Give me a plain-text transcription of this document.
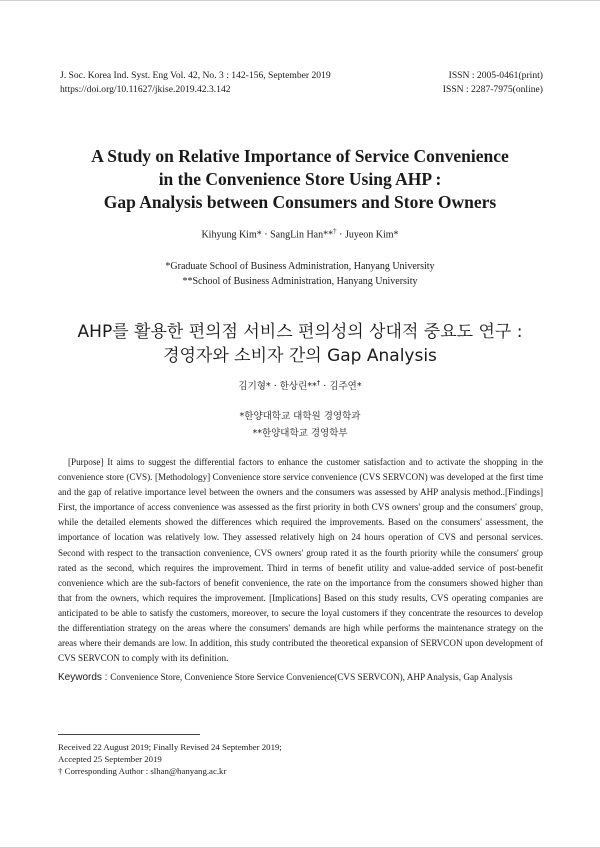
J. Soc. Korea Ind. Syst. Eng Vol. 42, No. 3 : 142-156, September 2019	ISSN : 2005-0461(print)
https://doi.org/10.11627/jkise.2019.42.3.142	ISSN : 2287-7975(online)
A Study on Relative Importance of Service Convenience
in the Convenience Store Using AHP :
Gap Analysis between Consumers and Store Owners
Kihyung Kim* · SangLin Han**† · Juyeon Kim*
*Graduate School of Business Administration, Hanyang University
**School of Business Administration, Hanyang University
AHP를 활용한 편의점 서비스 편의성의 상대적 중요도 연구 :
경영자와 소비자 간의 Gap Analysis
김기형* · 한상린**† · 김주연*
*한양대학교 대학원 경영학과
**한양대학교 경영학부

[Purpose] It aims to suggest the differential factors to enhance the customer satisfaction and to activate the shopping in the convenience store (CVS). [Methodology] Convenience store service convenience (CVS SERVCON) was developed at the first time and the gap of relative importance level between the owners and the consumers was assessed by AHP analysis method..[Findings] First, the importance of access convenience was assessed as the first priority in both CVS owners' group and the consumers' group, while the detailed elements showed the differences which required the improvements. Based on the consumers' assessment, the importance of location was relatively low. They assessed relatively high on 24 hours operation of CVS and personal services. Second with respect to the transaction convenience, CVS owners' group rated it as the fourth priority while the consumers' group rated as the second, which requires the improvement. Third in terms of benefit utility and value-added service of post-benefit convenience which are the sub-factors of benefit convenience, the rate on the importance from the consumers showed higher than that from the owners, which requires the improvement. [Implications] Based on this study results, CVS operating companies are anticipated to be able to satisfy the customers, moreover, to secure the loyal customers if they concentrate the resources to develop the differentiation strategy on the areas where the consumers' demands are high while performs the maintenance strategy on the areas where their demands are low. In addition, this study contributed the theoretical expansion of SERVCON upon development of CVS SERVCON to comply with its definition.

Keywords : Convenience Store, Convenience Store Service Convenience(CVS SERVCON), AHP Analysis, Gap Analysis
Received 22 August 2019; Finally Revised 24 September 2019;
Accepted 25 September 2019
† Corresponding Author : slhan@hanyang.ac.kr
